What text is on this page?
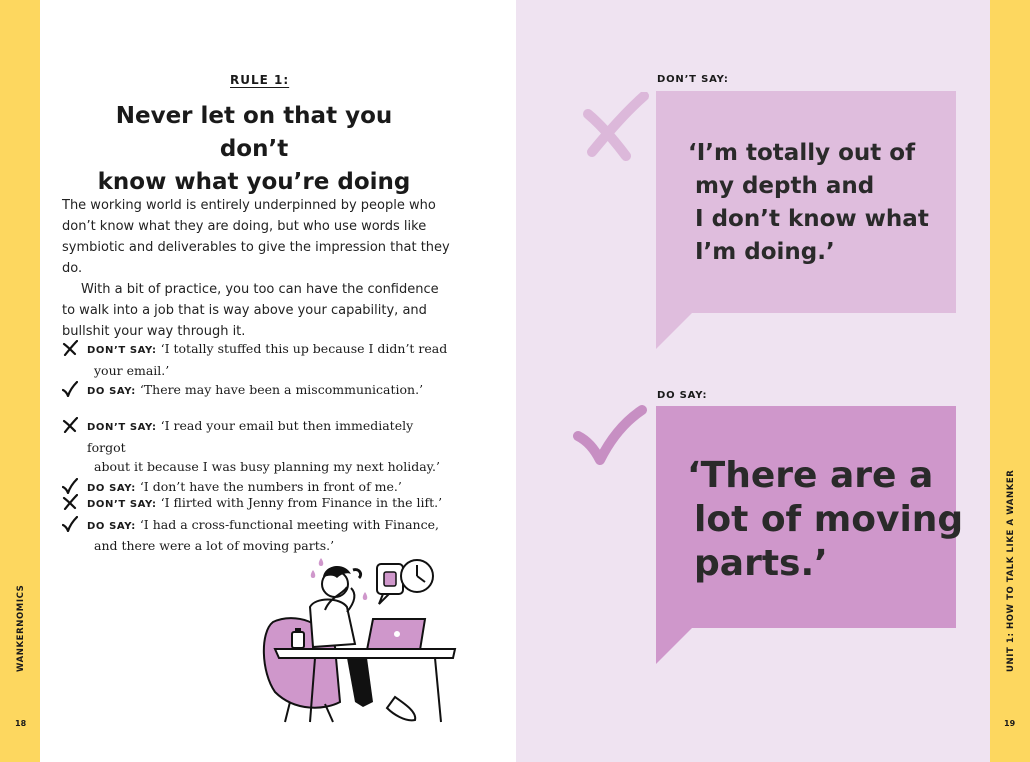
WANKERNOMICS
18
RULE 1:
Never let on that you don’t
know what you’re doing

The working world is entirely underpinned by people who don’t know what they are doing, but who use words like symbiotic and deliverables to give the impression that they do.

With a bit of practice, you too can have the confidence to walk into a job that is way above your capability, and bullshit your way through it.

DON’T SAY: ‘I totally stuffed this up because I didn’t read
your email.’
DO SAY: ‘There may have been a miscommunication.’
DON’T SAY: ‘I read your email but then immediately forgot
about it because I was busy planning my next holiday.’
DO SAY: ‘I don’t have the numbers in front of me.’
DON’T SAY: ‘I flirted with Jenny from Finance in the lift.’
DO SAY: ‘I had a cross-functional meeting with Finance,
and there were a lot of moving parts.’
DON’T SAY:
‘I’m totally out of
my depth and
I don’t know what
I’m doing.’
DO SAY:
‘There are a
lot of moving
parts.’	UNIT 1: HOW TO TALK LIKE A WANKER
19
